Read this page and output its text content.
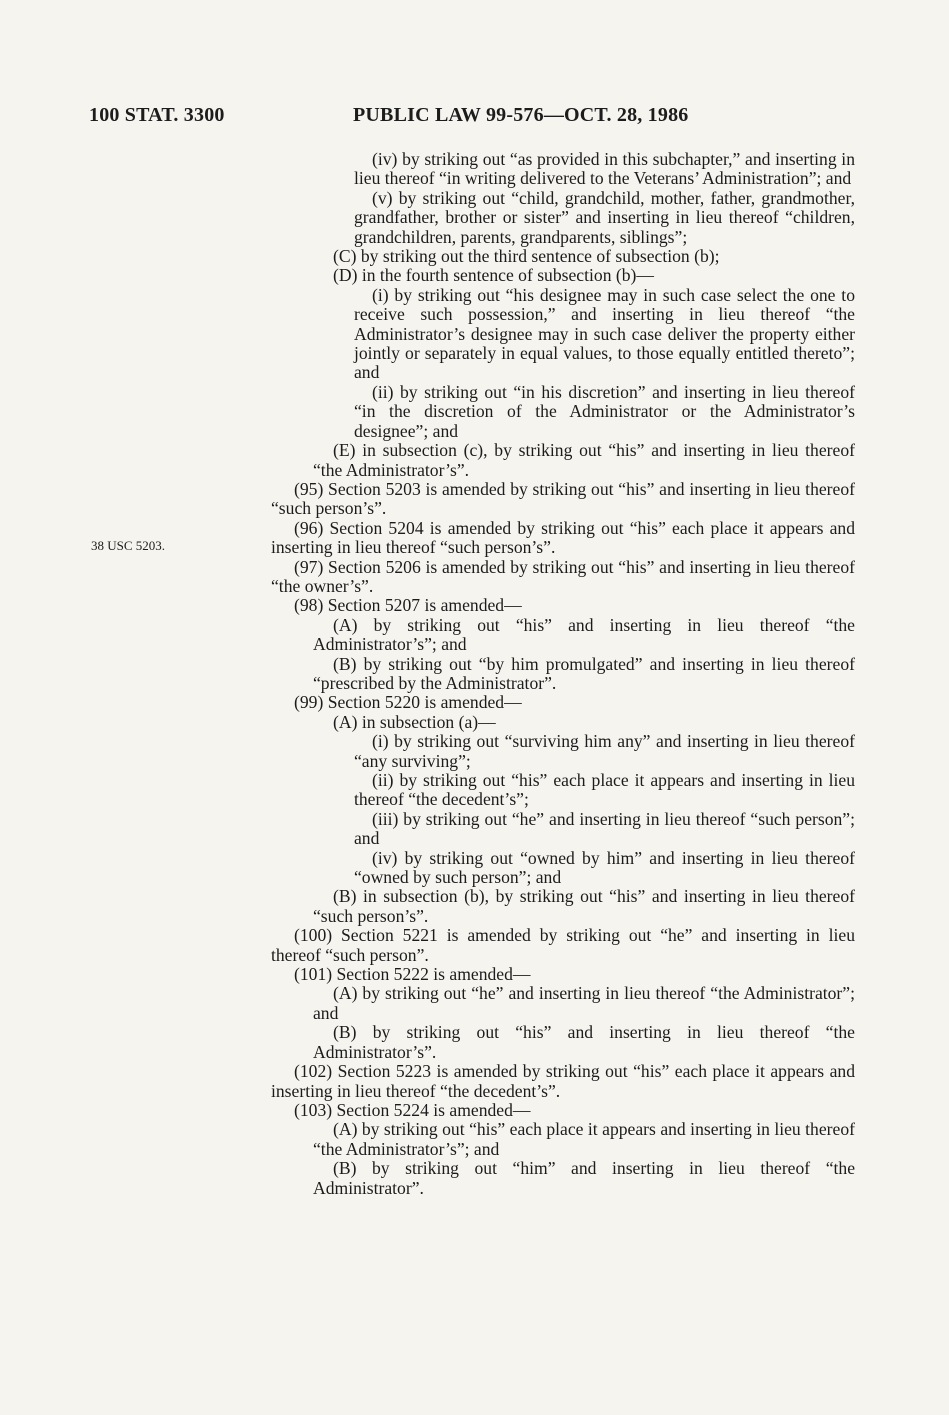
100 STAT. 3300	PUBLIC LAW 99-576—OCT. 28, 1986
38 USC 5203.

(iv) by striking out “as provided in this subchapter,” and inserting in lieu thereof “in writing delivered to the Veterans’ Administration”; and

(v) by striking out “child, grandchild, mother, father, grandmother, grandfather, brother or sister” and inserting in lieu thereof “children, grandchildren, parents, grandparents, siblings”;

(C) by striking out the third sentence of subsection (b);

(D) in the fourth sentence of subsection (b)—

(i) by striking out “his designee may in such case select the one to receive such possession,” and inserting in lieu thereof “the Administrator’s designee may in such case deliver the property either jointly or separately in equal values, to those equally entitled thereto”; and

(ii) by striking out “in his discretion” and inserting in lieu thereof “in the discretion of the Administrator or the Administrator’s designee”; and

(E) in subsection (c), by striking out “his” and inserting in lieu thereof “the Administrator’s”.

(95) Section 5203 is amended by striking out “his” and inserting in lieu thereof “such person’s”.

(96) Section 5204 is amended by striking out “his” each place it appears and inserting in lieu thereof “such person’s”.

(97) Section 5206 is amended by striking out “his” and inserting in lieu thereof “the owner’s”.

(98) Section 5207 is amended—

(A) by striking out “his” and inserting in lieu thereof “the Administrator’s”; and

(B) by striking out “by him promulgated” and inserting in lieu thereof “prescribed by the Administrator”.

(99) Section 5220 is amended—

(A) in subsection (a)—

(i) by striking out “surviving him any” and inserting in lieu thereof “any surviving”;

(ii) by striking out “his” each place it appears and inserting in lieu thereof “the decedent’s”;

(iii) by striking out “he” and inserting in lieu thereof “such person”; and

(iv) by striking out “owned by him” and inserting in lieu thereof “owned by such person”; and

(B) in subsection (b), by striking out “his” and inserting in lieu thereof “such person’s”.

(100) Section 5221 is amended by striking out “he” and inserting in lieu thereof “such person”.

(101) Section 5222 is amended—

(A) by striking out “he” and inserting in lieu thereof “the Administrator”; and

(B) by striking out “his” and inserting in lieu thereof “the Administrator’s”.

(102) Section 5223 is amended by striking out “his” each place it appears and inserting in lieu thereof “the decedent’s”.

(103) Section 5224 is amended—

(A) by striking out “his” each place it appears and inserting in lieu thereof “the Administrator’s”; and

(B) by striking out “him” and inserting in lieu thereof “the Administrator”.
